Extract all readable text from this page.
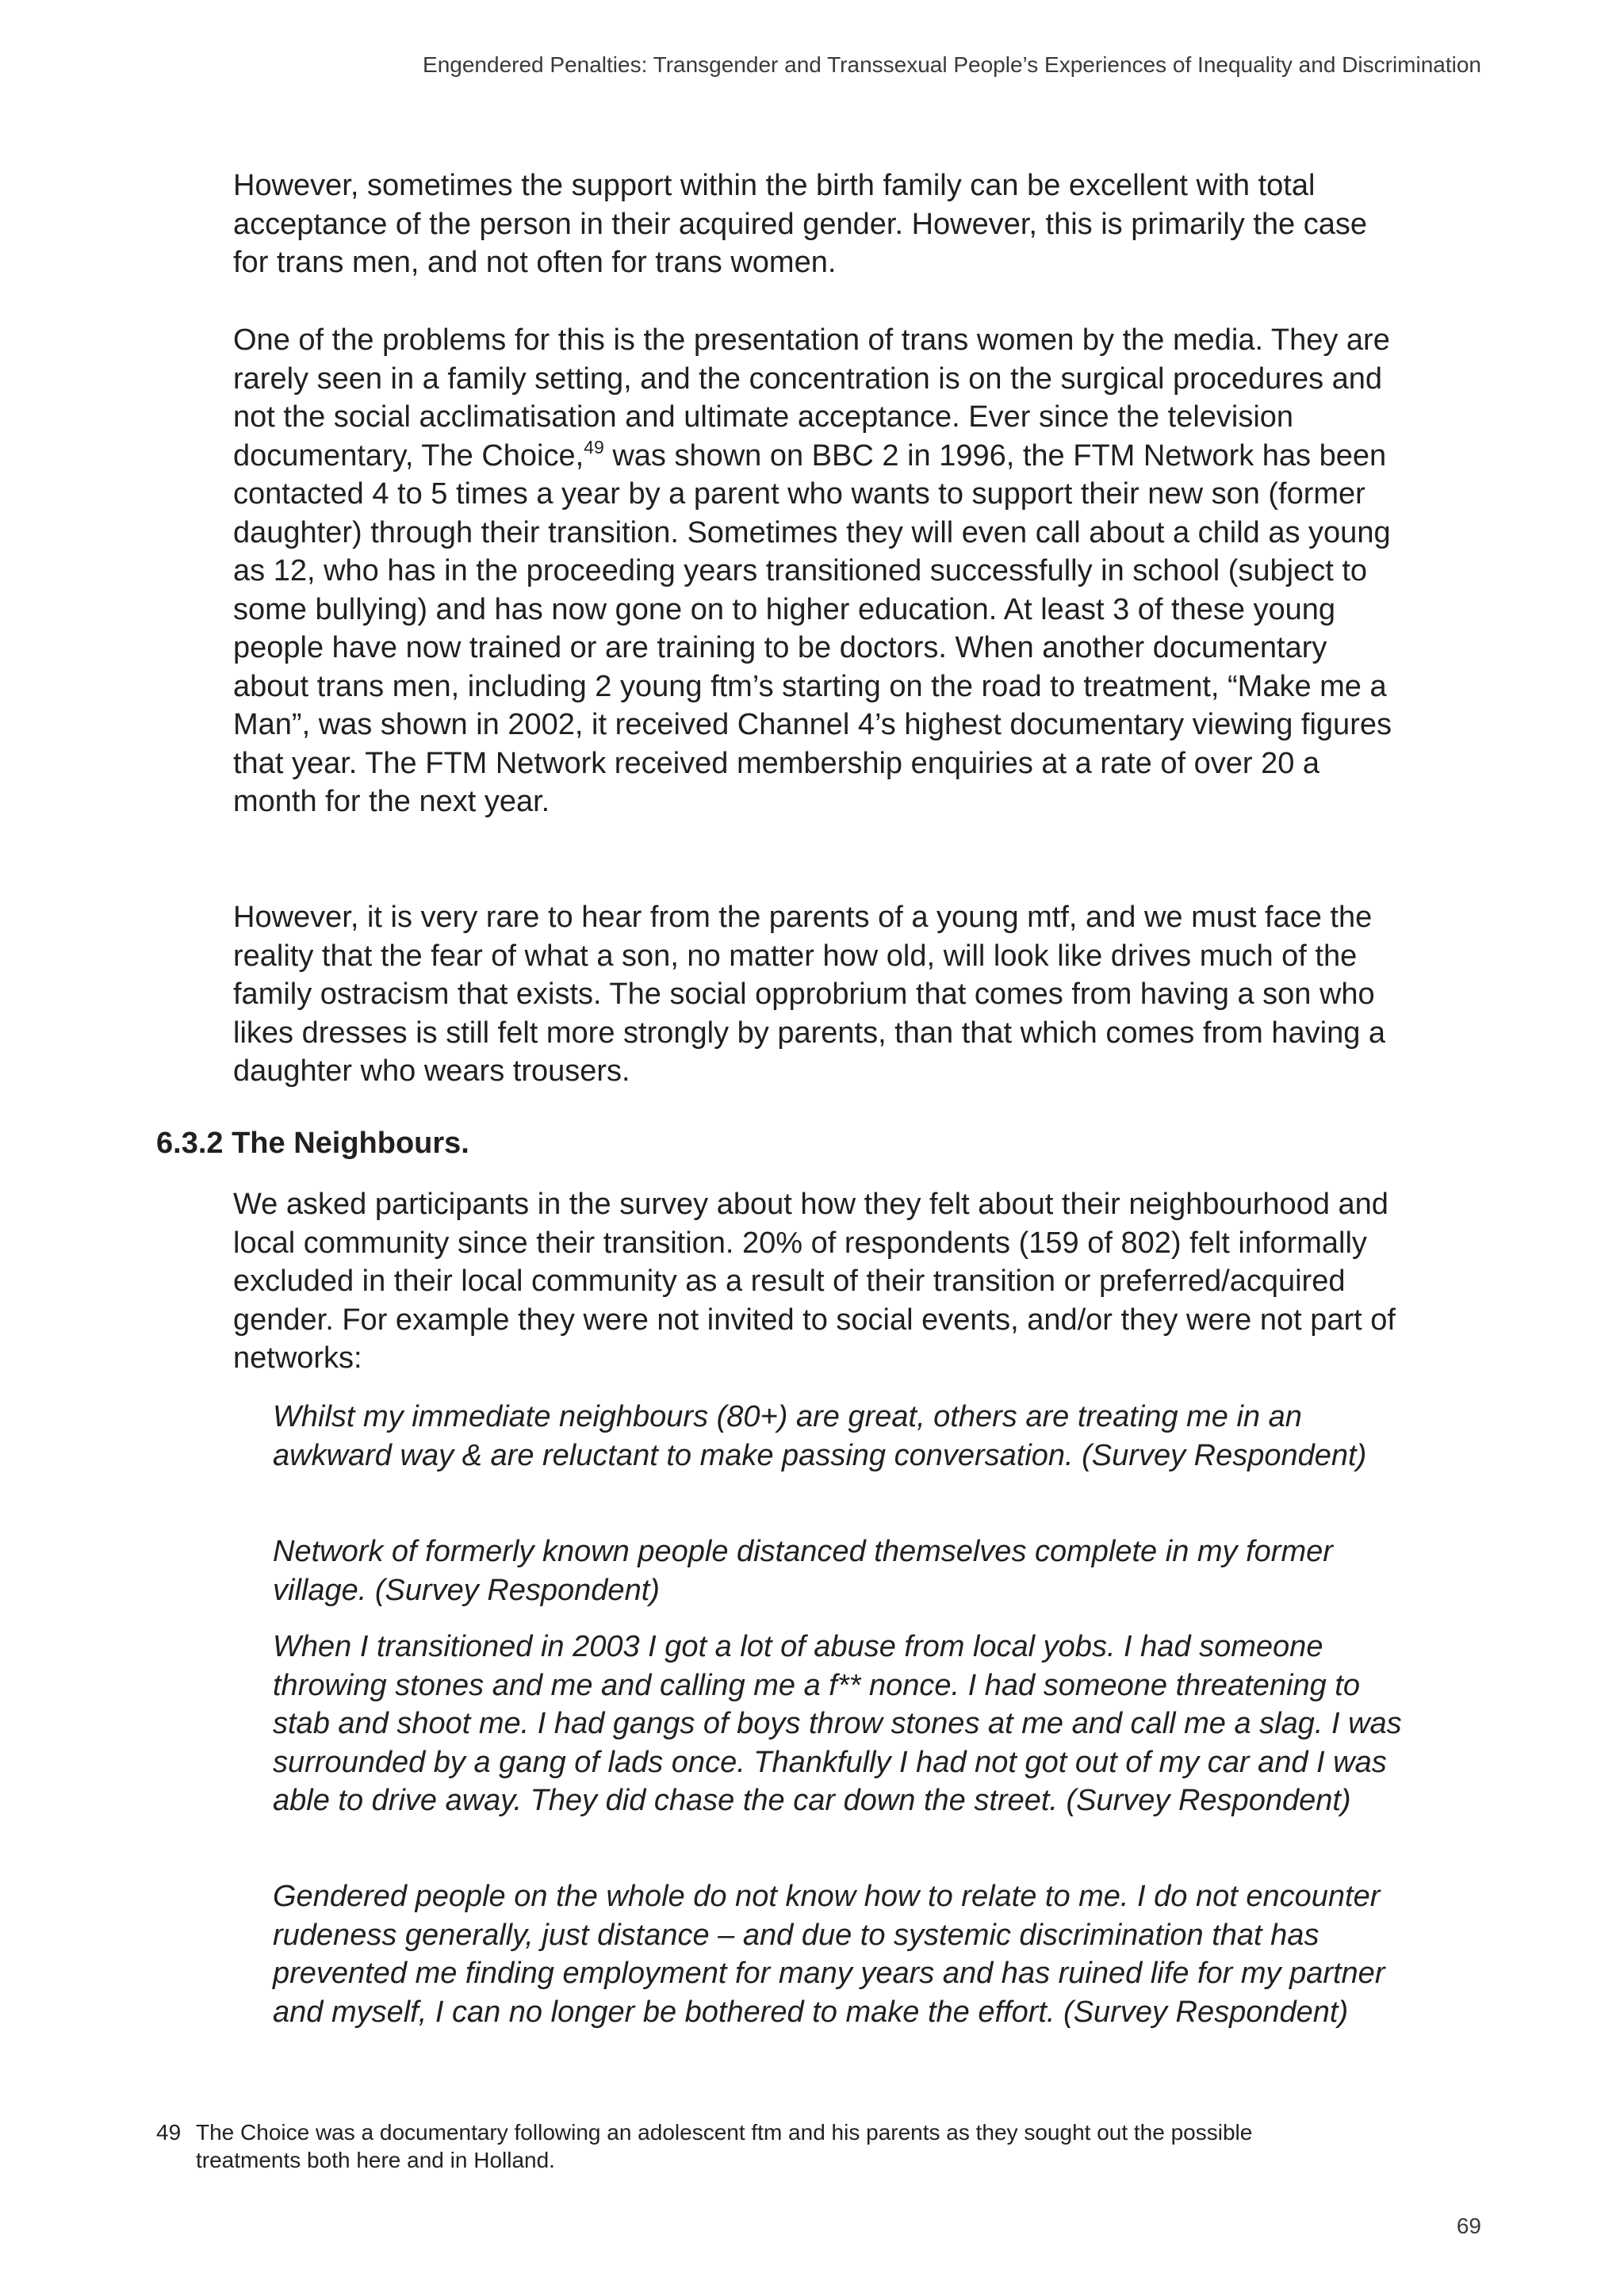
Engendered Penalties: Transgender and Transsexual People’s Experiences of Inequality and Discrimination

However, sometimes the support within the birth family can be excellent with total acceptance of the person in their acquired gender. However, this is primarily the case for trans men, and not often for trans women.

One of the problems for this is the presentation of trans women by the media. They are rarely seen in a family setting, and the concentration is on the surgical procedures and not the social acclimatisation and ultimate acceptance. Ever since the television documentary, The Choice,$^{49}$ was shown on BBC 2 in 1996, the FTM Network has been contacted 4 to 5 times a year by a parent who wants to support their new son (former daughter) through their transition. Sometimes they will even call about a child as young as 12, who has in the proceeding years transitioned successfully in school (subject to some bullying) and has now gone on to higher education. At least 3 of these young people have now trained or are training to be doctors. When another documentary about trans men, including 2 young ftm’s starting on the road to treatment, “Make me a Man”, was shown in 2002, it received Channel 4’s highest documentary viewing figures that year. The FTM Network received membership enquiries at a rate of over 20 a month for the next year.

However, it is very rare to hear from the parents of a young mtf, and we must face the reality that the fear of what a son, no matter how old, will look like drives much of the family ostracism that exists. The social opprobrium that comes from having a son who likes dresses is still felt more strongly by parents, than that which comes from having a daughter who wears trousers.

6.3.2 The Neighbours.

We asked participants in the survey about how they felt about their neighbourhood and local community since their transition. 20% of respondents (159 of 802) felt informally excluded in their local community as a result of their transition or preferred/acquired gender. For example they were not invited to social events, and/or they were not part of networks:

Whilst my immediate neighbours (80+) are great, others are treating me in an awkward way & are reluctant to make passing conversation. (Survey Respondent)

Network of formerly known people distanced themselves complete in my former village. (Survey Respondent)

When I transitioned in 2003 I got a lot of abuse from local yobs. I had someone throwing stones and me and calling me a f** nonce. I had someone threatening to stab and shoot me. I had gangs of boys throw stones at me and call me a slag. I was surrounded by a gang of lads once. Thankfully I had not got out of my car and I was able to drive away. They did chase the car down the street. (Survey Respondent)

Gendered people on the whole do not know how to relate to me. I do not encounter rudeness generally, just distance – and due to systemic discrimination that has prevented me finding employment for many years and has ruined life for my partner and myself, I can no longer be bothered to make the effort. (Survey Respondent)

49 The Choice was a documentary following an adolescent ftm and his parents as they sought out the possible treatments both here and in Holland.
69
